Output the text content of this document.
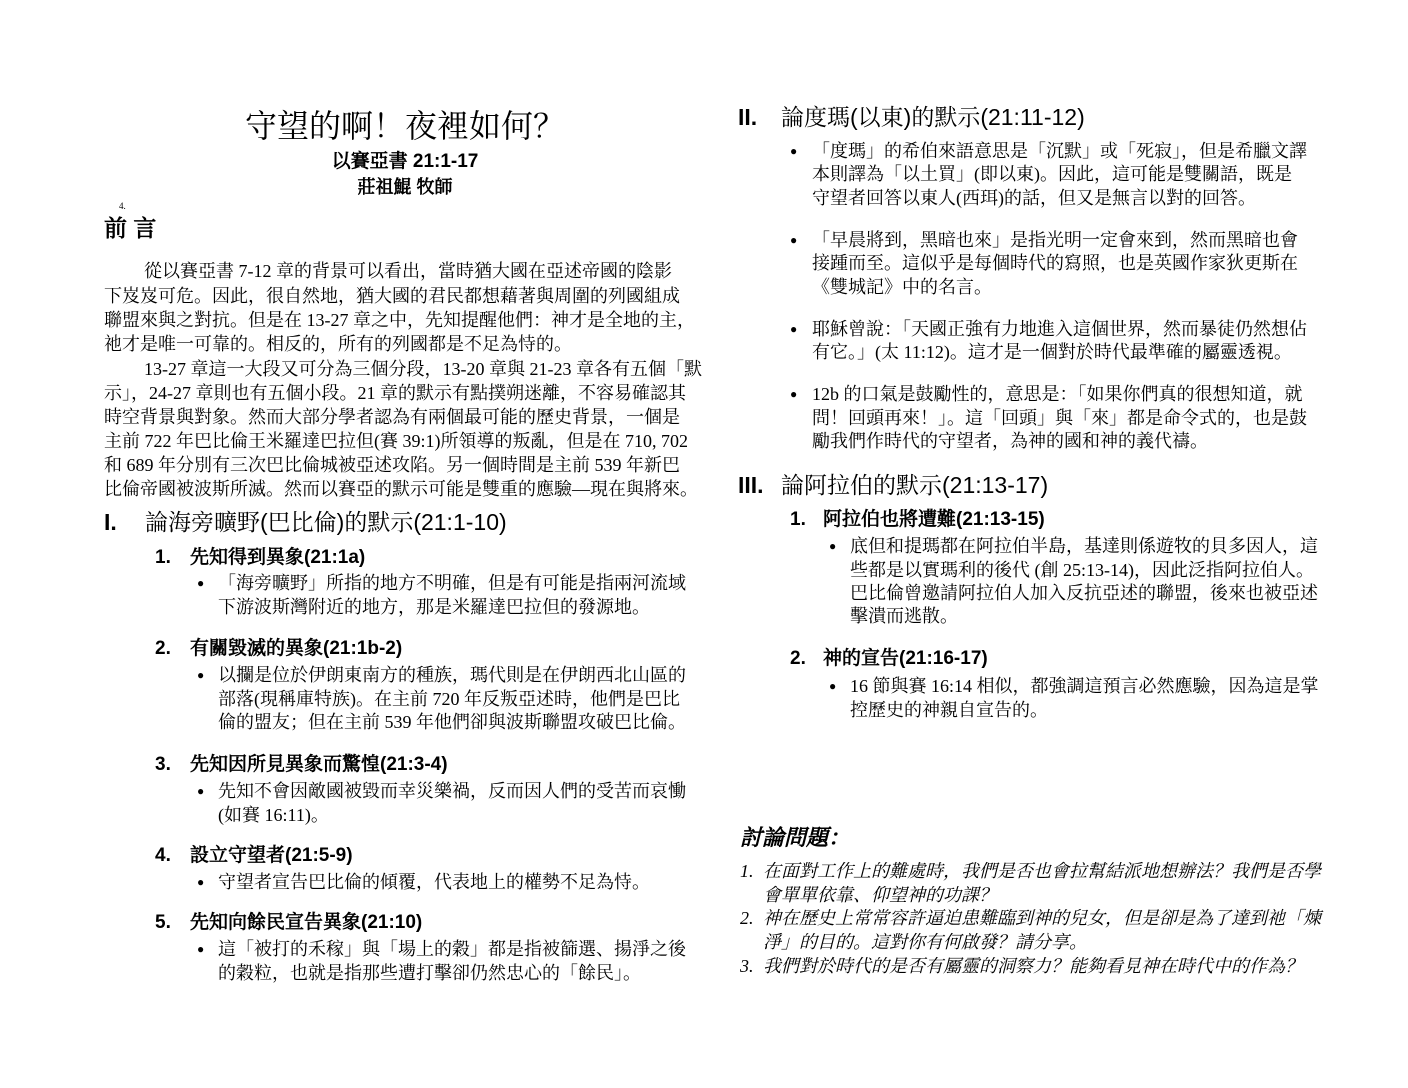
守望的啊！夜裡如何？
以賽亞書 21:1-17
莊祖鯤 牧師
4.
前 言
從以賽亞書 7-12 章的背景可以看出，當時猶大國在亞述帝國的陰影
下岌岌可危。因此，很自然地，猶大國的君民都想藉著與周圍的列國組成
聯盟來與之對抗。但是在 13-27 章之中，先知提醒他們：神才是全地的主，
祂才是唯一可靠的。相反的，所有的列國都是不足為恃的。
13-27 章這一大段又可分為三個分段，13-20 章與 21-23 章各有五個「默
示」，24-27 章則也有五個小段。21 章的默示有點撲朔迷離，不容易確認其
時空背景與對象。然而大部分學者認為有兩個最可能的歷史背景，一個是
主前 722 年巴比倫王米羅達巴拉但(賽 39:1)所領導的叛亂，但是在 710, 702
和 689 年分別有三次巴比倫城被亞述攻陷。另一個時間是主前 539 年新巴
比倫帝國被波斯所滅。然而以賽亞的默示可能是雙重的應驗—現在與將來。
I. 論海旁曠野(巴比倫)的默示(21:1-10)
1. 先知得到異象(21:1a)
● 「海旁曠野」所指的地方不明確，但是有可能是指兩河流域
下游波斯灣附近的地方，那是米羅達巴拉但的發源地。
2. 有關毀滅的異象(21:1b-2)
● 以攔是位於伊朗東南方的種族，瑪代則是在伊朗西北山區的
部落(現稱庫特族)。在主前 720 年反叛亞述時，他們是巴比
倫的盟友；但在主前 539 年他們卻與波斯聯盟攻破巴比倫。
3. 先知因所見異象而驚惶(21:3-4)
● 先知不會因敵國被毀而幸災樂禍，反而因人們的受苦而哀慟
(如賽 16:11)。
4. 設立守望者(21:5-9)
● 守望者宣告巴比倫的傾覆，代表地上的權勢不足為恃。
5. 先知向餘民宣告異象(21:10)
● 這「被打的禾稼」與「場上的穀」都是指被篩選、揚淨之後
的穀粒，也就是指那些遭打擊卻仍然忠心的「餘民」。
II. 論度瑪(以東)的默示(21:11-12)
● 「度瑪」的希伯來語意思是「沉默」或「死寂」，但是希臘文譯
本則譯為「以土買」(即以東)。因此，這可能是雙關語，既是
守望者回答以東人(西珥)的話，但又是無言以對的回答。
● 「早晨將到，黑暗也來」是指光明一定會來到，然而黑暗也會
接踵而至。這似乎是每個時代的寫照，也是英國作家狄更斯在
《雙城記》中的名言。
● 耶穌曾說：「天國正強有力地進入這個世界，然而暴徒仍然想佔
有它。」(太 11:12)。這才是一個對於時代最準確的屬靈透視。
● 12b 的口氣是鼓勵性的，意思是：「如果你們真的很想知道，就
問！回頭再來！」。這「回頭」與「來」都是命令式的，也是鼓
勵我們作時代的守望者，為神的國和神的義代禱。
III. 論阿拉伯的默示(21:13-17)
1. 阿拉伯也將遭難(21:13-15)
● 底但和提瑪都在阿拉伯半島，基達則係遊牧的貝多因人，這
些都是以實瑪利的後代 (創 25:13-14)，因此泛指阿拉伯人。
巴比倫曾邀請阿拉伯人加入反抗亞述的聯盟，後來也被亞述
擊潰而逃散。
2. 神的宣告(21:16-17)
● 16 節與賽 16:14 相似，都強調這預言必然應驗，因為這是掌
控歷史的神親自宣告的。
討論問題：
1. 在面對工作上的難處時，我們是否也會拉幫結派地想辦法？我們是否學
會單單依靠、仰望神的功課？
2. 神在歷史上常常容許逼迫患難臨到神的兒女，但是卻是為了達到祂「煉
淨」的目的。這對你有何啟發？請分享。
3. 我們對於時代的是否有屬靈的洞察力？能夠看見神在時代中的作為？
